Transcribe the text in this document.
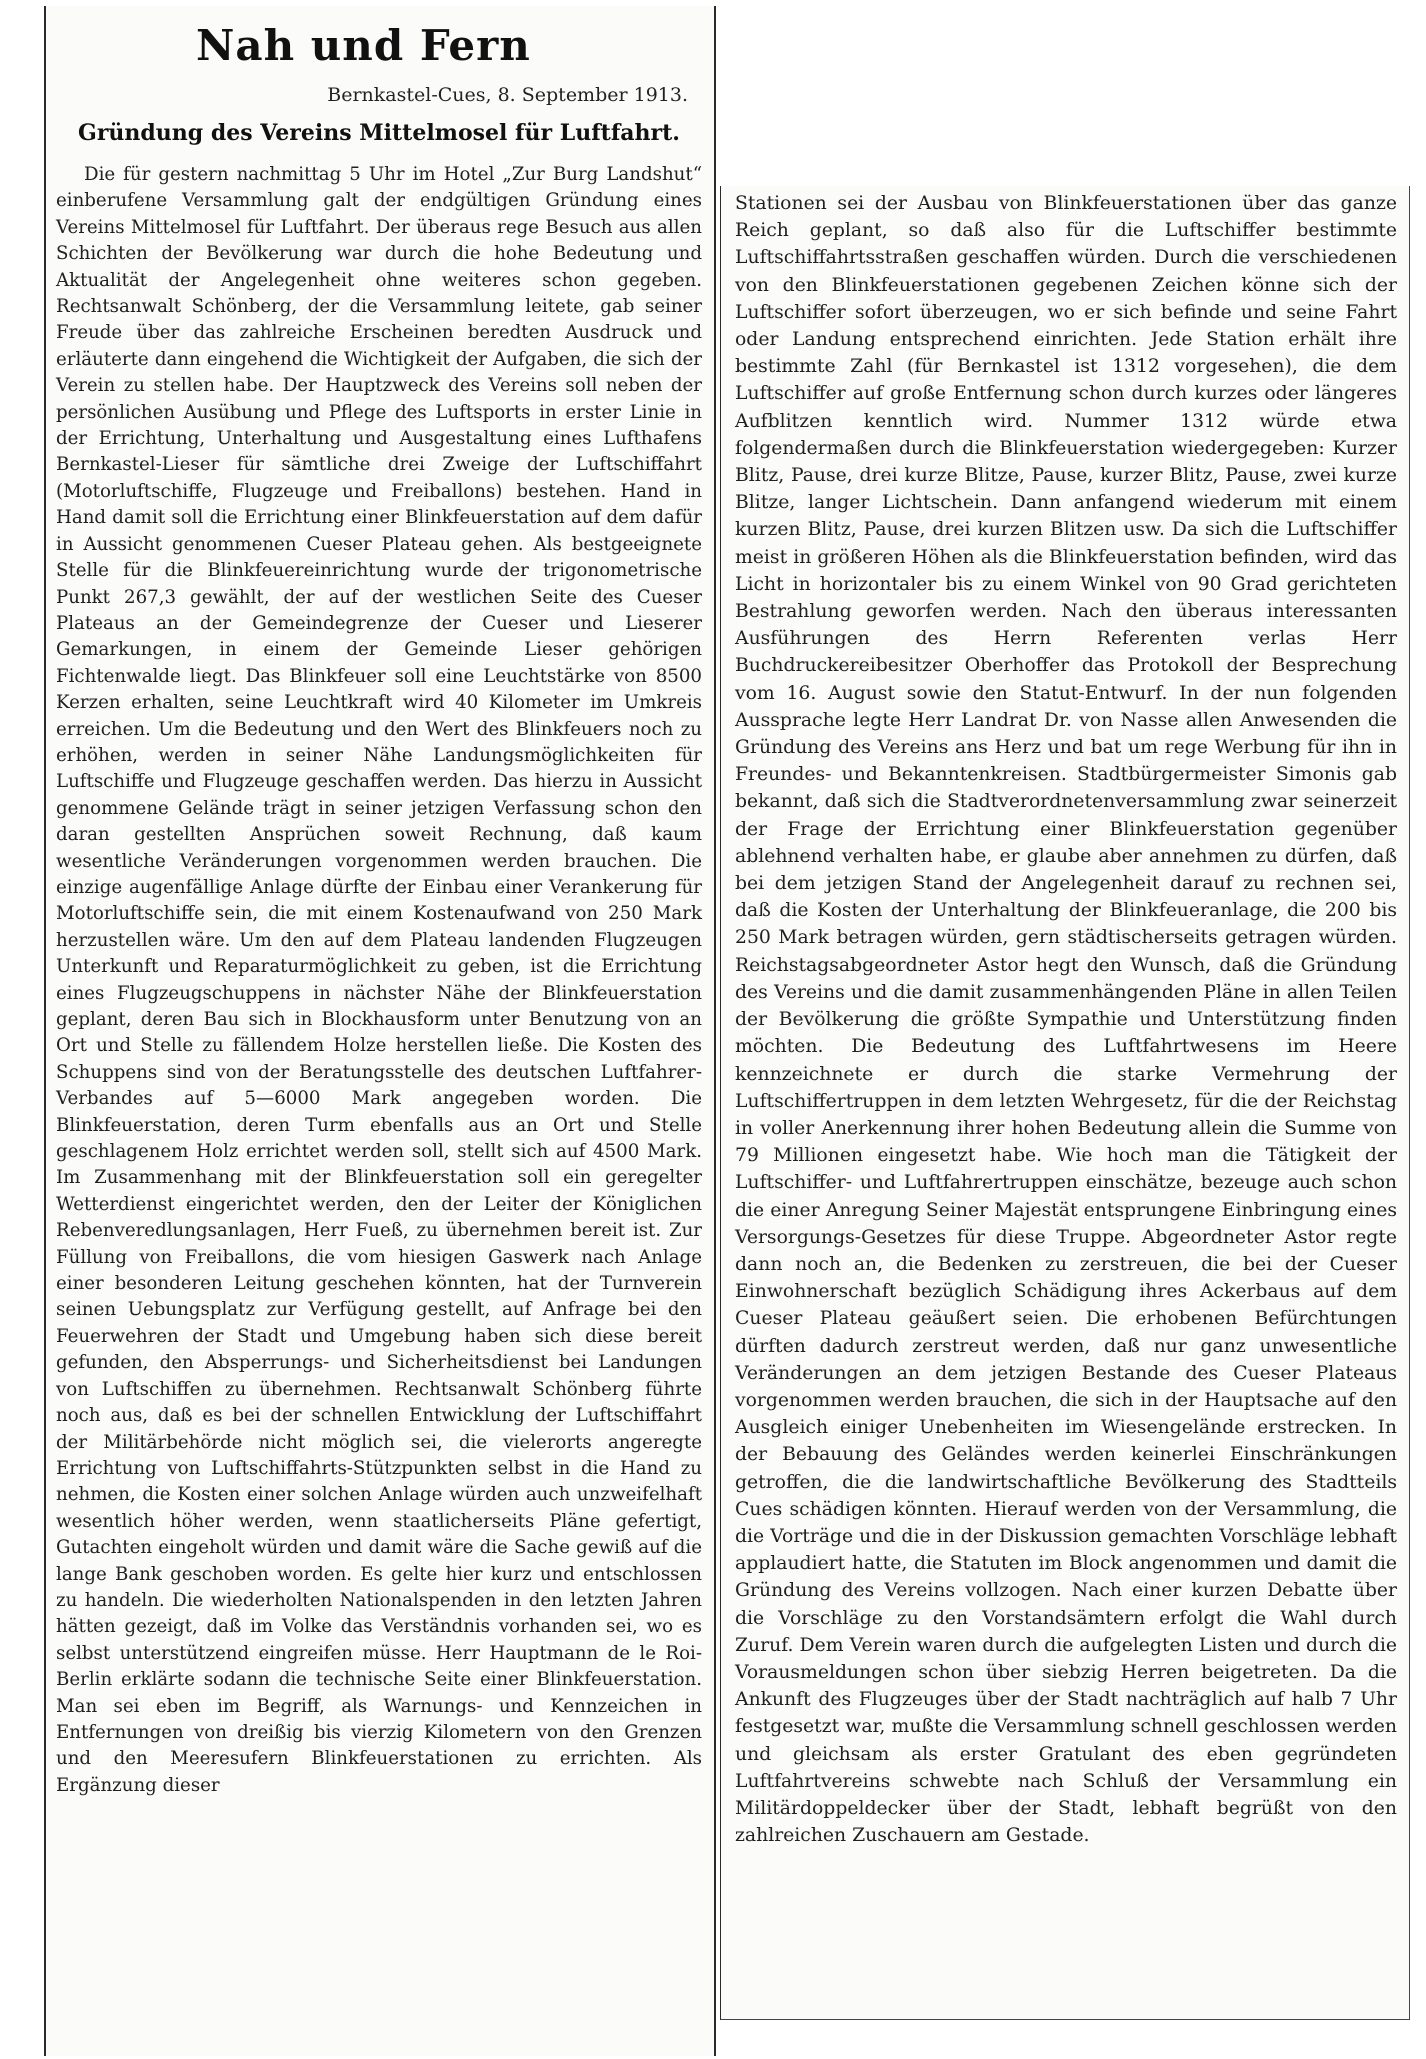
Nah und Fern
Bernkastel-Cues, 8. September 1913.
Gründung des Vereins Mittelmosel für Luftfahrt.

Die für gestern nachmittag 5 Uhr im Hotel „Zur Burg Landshut“ einberufene Versammlung galt der endgültigen Gründung eines Vereins Mittelmosel für Luftfahrt. Der überaus rege Besuch aus allen Schichten der Bevölkerung war durch die hohe Bedeutung und Aktualität der Angelegenheit ohne weiteres schon gegeben. Rechtsanwalt Schönberg, der die Versammlung leitete, gab seiner Freude über das zahlreiche Erscheinen beredten Ausdruck und erläuterte dann eingehend die Wichtigkeit der Aufgaben, die sich der Verein zu stellen habe. Der Hauptzweck des Vereins soll neben der persönlichen Ausübung und Pflege des Luftsports in erster Linie in der Errichtung, Unterhaltung und Ausgestaltung eines Lufthafens Bernkastel-Lieser für sämtliche drei Zweige der Luftschiffahrt (Motorluftschiffe, Flugzeuge und Freiballons) bestehen. Hand in Hand damit soll die Errichtung einer Blinkfeuerstation auf dem dafür in Aussicht genommenen Cueser Plateau gehen. Als bestgeeignete Stelle für die Blinkfeuereinrichtung wurde der trigonometrische Punkt 267,3 gewählt, der auf der westlichen Seite des Cueser Plateaus an der Gemeindegrenze der Cueser und Lieserer Gemarkungen, in einem der Gemeinde Lieser gehörigen Fichtenwalde liegt. Das Blinkfeuer soll eine Leuchtstärke von 8500 Kerzen erhalten, seine Leuchtkraft wird 40 Kilometer im Umkreis erreichen. Um die Bedeutung und den Wert des Blinkfeuers noch zu erhöhen, werden in seiner Nähe Landungsmöglichkeiten für Luftschiffe und Flugzeuge geschaffen werden. Das hierzu in Aussicht genommene Gelände trägt in seiner jetzigen Verfassung schon den daran gestellten Ansprüchen soweit Rechnung, daß kaum wesentliche Veränderungen vorgenommen werden brauchen. Die einzige augenfällige Anlage dürfte der Einbau einer Verankerung für Motorluftschiffe sein, die mit einem Kostenaufwand von 250 Mark herzustellen wäre. Um den auf dem Plateau landenden Flugzeugen Unterkunft und Reparaturmöglichkeit zu geben, ist die Errichtung eines Flugzeugschuppens in nächster Nähe der Blinkfeuerstation geplant, deren Bau sich in Blockhausform unter Benutzung von an Ort und Stelle zu fällendem Holze herstellen ließe. Die Kosten des Schuppens sind von der Beratungsstelle des deutschen Luftfahrer-Verbandes auf 5—6000 Mark angegeben worden. Die Blinkfeuerstation, deren Turm ebenfalls aus an Ort und Stelle geschlagenem Holz errichtet werden soll, stellt sich auf 4500 Mark. Im Zusammenhang mit der Blinkfeuerstation soll ein geregelter Wetterdienst eingerichtet werden, den der Leiter der Königlichen Rebenveredlungsanlagen, Herr Fueß, zu übernehmen bereit ist. Zur Füllung von Freiballons, die vom hiesigen Gaswerk nach Anlage einer besonderen Leitung geschehen könnten, hat der Turnverein seinen Uebungsplatz zur Verfügung gestellt, auf Anfrage bei den Feuerwehren der Stadt und Umgebung haben sich diese bereit gefunden, den Absperrungs- und Sicherheitsdienst bei Landungen von Luftschiffen zu übernehmen. Rechtsanwalt Schönberg führte noch aus, daß es bei der schnellen Entwicklung der Luftschiffahrt der Militärbehörde nicht möglich sei, die vielerorts angeregte Errichtung von Luftschiffahrts-Stützpunkten selbst in die Hand zu nehmen, die Kosten einer solchen Anlage würden auch unzweifelhaft wesentlich höher werden, wenn staatlicherseits Pläne gefertigt, Gutachten eingeholt würden und damit wäre die Sache gewiß auf die lange Bank geschoben worden. Es gelte hier kurz und entschlossen zu handeln. Die wiederholten Nationalspenden in den letzten Jahren hätten gezeigt, daß im Volke das Verständnis vorhanden sei, wo es selbst unterstützend eingreifen müsse. Herr Hauptmann de le Roi-Berlin erklärte sodann die technische Seite einer Blinkfeuerstation. Man sei eben im Begriff, als Warnungs- und Kennzeichen in Entfernungen von dreißig bis vierzig Kilometern von den Grenzen und den Meeresufern Blinkfeuerstationen zu errichten. Als Ergänzung dieser

Stationen sei der Ausbau von Blinkfeuerstationen über das ganze Reich geplant, so daß also für die Luftschiffer bestimmte Luftschiffahrtsstraßen geschaffen würden. Durch die verschiedenen von den Blinkfeuerstationen gegebenen Zeichen könne sich der Luftschiffer sofort überzeugen, wo er sich befinde und seine Fahrt oder Landung entsprechend einrichten. Jede Station erhält ihre bestimmte Zahl (für Bernkastel ist 1312 vorgesehen), die dem Luftschiffer auf große Entfernung schon durch kurzes oder längeres Aufblitzen kenntlich wird. Nummer 1312 würde etwa folgendermaßen durch die Blinkfeuerstation wiedergegeben: Kurzer Blitz, Pause, drei kurze Blitze, Pause, kurzer Blitz, Pause, zwei kurze Blitze, langer Lichtschein. Dann anfangend wiederum mit einem kurzen Blitz, Pause, drei kurzen Blitzen usw. Da sich die Luftschiffer meist in größeren Höhen als die Blinkfeuerstation befinden, wird das Licht in horizontaler bis zu einem Winkel von 90 Grad gerichteten Bestrahlung geworfen werden. Nach den überaus interessanten Ausführungen des Herrn Referenten verlas Herr Buchdruckereibesitzer Oberhoffer das Protokoll der Besprechung vom 16. August sowie den Statut-Entwurf. In der nun folgenden Aussprache legte Herr Landrat Dr. von Nasse allen Anwesenden die Gründung des Vereins ans Herz und bat um rege Werbung für ihn in Freundes- und Bekanntenkreisen. Stadtbürgermeister Simonis gab bekannt, daß sich die Stadtverordnetenversammlung zwar seinerzeit der Frage der Errichtung einer Blinkfeuerstation gegenüber ablehnend verhalten habe, er glaube aber annehmen zu dürfen, daß bei dem jetzigen Stand der Angelegenheit darauf zu rechnen sei, daß die Kosten der Unterhaltung der Blinkfeueranlage, die 200 bis 250 Mark betragen würden, gern städtischerseits getragen würden. Reichstagsabgeordneter Astor hegt den Wunsch, daß die Gründung des Vereins und die damit zusammenhängenden Pläne in allen Teilen der Bevölkerung die größte Sympathie und Unterstützung finden möchten. Die Bedeutung des Luftfahrtwesens im Heere kennzeichnete er durch die starke Vermehrung der Luftschiffertruppen in dem letzten Wehrgesetz, für die der Reichstag in voller Anerkennung ihrer hohen Bedeutung allein die Summe von 79 Millionen eingesetzt habe. Wie hoch man die Tätigkeit der Luftschiffer- und Luftfahrertruppen einschätze, bezeuge auch schon die einer Anregung Seiner Majestät entsprungene Einbringung eines Versorgungs-Gesetzes für diese Truppe. Abgeordneter Astor regte dann noch an, die Bedenken zu zerstreuen, die bei der Cueser Einwohnerschaft bezüglich Schädigung ihres Ackerbaus auf dem Cueser Plateau geäußert seien. Die erhobenen Befürchtungen dürften dadurch zerstreut werden, daß nur ganz unwesentliche Veränderungen an dem jetzigen Bestande des Cueser Plateaus vorgenommen werden brauchen, die sich in der Hauptsache auf den Ausgleich einiger Unebenheiten im Wiesengelände erstrecken. In der Bebauung des Geländes werden keinerlei Einschränkungen getroffen, die die landwirtschaftliche Bevölkerung des Stadtteils Cues schädigen könnten. Hierauf werden von der Versammlung, die die Vorträge und die in der Diskussion gemachten Vorschläge lebhaft applaudiert hatte, die Statuten im Block angenommen und damit die Gründung des Vereins vollzogen. Nach einer kurzen Debatte über die Vorschläge zu den Vorstandsämtern erfolgt die Wahl durch Zuruf. Dem Verein waren durch die aufgelegten Listen und durch die Vorausmeldungen schon über siebzig Herren beigetreten. Da die Ankunft des Flugzeuges über der Stadt nachträglich auf halb 7 Uhr festgesetzt war, mußte die Versammlung schnell geschlossen werden und gleichsam als erster Gratulant des eben gegründeten Luftfahrtvereins schwebte nach Schluß der Versammlung ein Militärdoppeldecker über der Stadt, lebhaft begrüßt von den zahlreichen Zuschauern am Gestade.
